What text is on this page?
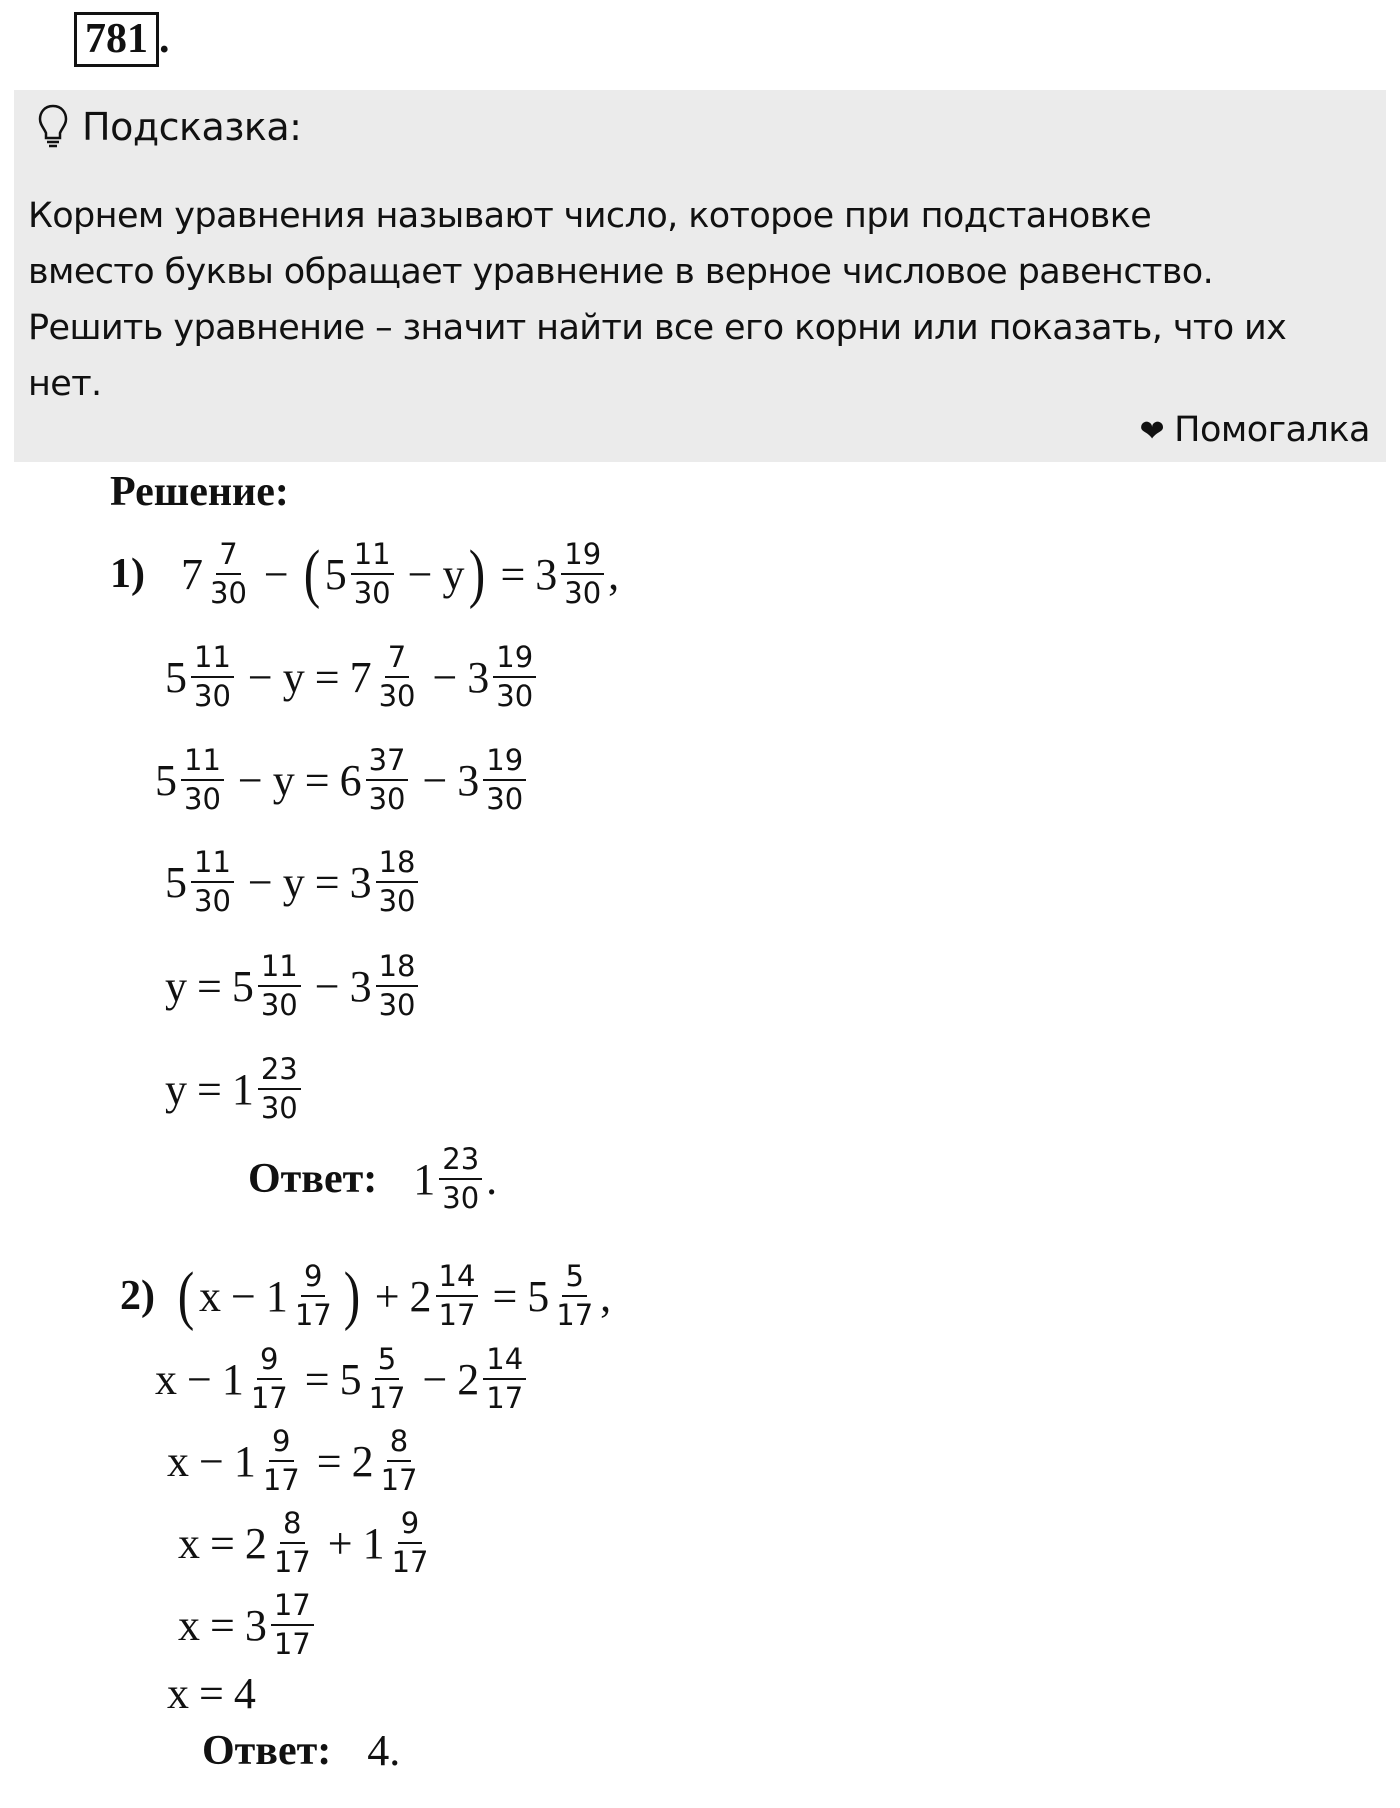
781 .
Подсказка:
Корнем уравнения называют число, которое при подстановке
вместо буквы обращает уравнение в верное числовое равенство.
Решить уравнение – значит найти все его корни или показать, что их
нет.
❤ Помогалка
Решение:
1) $7 \frac{7}{30}$ − ( $5 \frac{11}{30} - y$ ) = $3 \frac{19}{30}$ ,
$5 \frac{11}{30} - y = 7 \frac{7}{30} - 3 \frac{19}{30}$
$5 \frac{11}{30} - y = 6 \frac{37}{30} - 3 \frac{19}{30}$
$5 \frac{11}{30} - y = 3 \frac{18}{30}$
$y = 5 \frac{11}{30} - 3 \frac{18}{30}$
$y = 1 \frac{23}{30}$
Ответ: $1 \frac{23}{30}$ .
2) ( $x - 1 \frac{9}{17}$ ) + $2 \frac{14}{17} = 5 \frac{5}{17}$ ,
$x - 1 \frac{9}{17} = 5 \frac{5}{17} - 2 \frac{14}{17}$
$x - 1 \frac{9}{17} = 2 \frac{8}{17}$
$x = 2 \frac{8}{17} + 1 \frac{9}{17}$
$x = 3 \frac{17}{17}$
x = 4
Ответ: 4.
